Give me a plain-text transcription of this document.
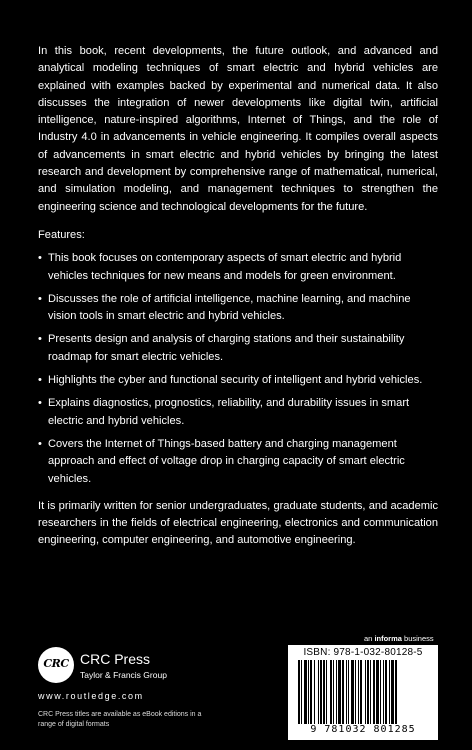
In this book, recent developments, the future outlook, and advanced and analytical modeling techniques of smart electric and hybrid vehicles are explained with examples backed by experimental and numerical data. It also discusses the integration of newer developments like digital twin, artificial intelligence, nature-inspired algorithms, Internet of Things, and the role of Industry 4.0 in advancements in vehicle engineering. It compiles overall aspects of advancements in smart electric and hybrid vehicles by bringing the latest research and development by comprehensive range of mathematical, numerical, and simulation modeling, and management techniques to strengthen the engineering science and technological developments for the future.

Features:
• This book focuses on contemporary aspects of smart electric and hybrid vehicles techniques for new means and models for green environment.
• Discusses the role of artificial intelligence, machine learning, and machine vision tools in smart electric and hybrid vehicles.
• Presents design and analysis of charging stations and their sustainability roadmap for smart electric vehicles.
• Highlights the cyber and functional security of intelligent and hybrid vehicles.
• Explains diagnostics, prognostics, reliability, and durability issues in smart electric and hybrid vehicles.
• Covers the Internet of Things-based battery and charging management approach and effect of voltage drop in charging capacity of smart electric vehicles.

It is primarily written for senior undergraduates, graduate students, and academic researchers in the fields of electrical engineering, electronics and communication engineering, computer engineering, and automotive engineering.

CRC CRC Press
Taylor & Francis Group
www.routledge.com
CRC Press titles are available as eBook editions in a range of digital formats
an informa business
ISBN: 978-1-032-80128-5
9 781032 801285
